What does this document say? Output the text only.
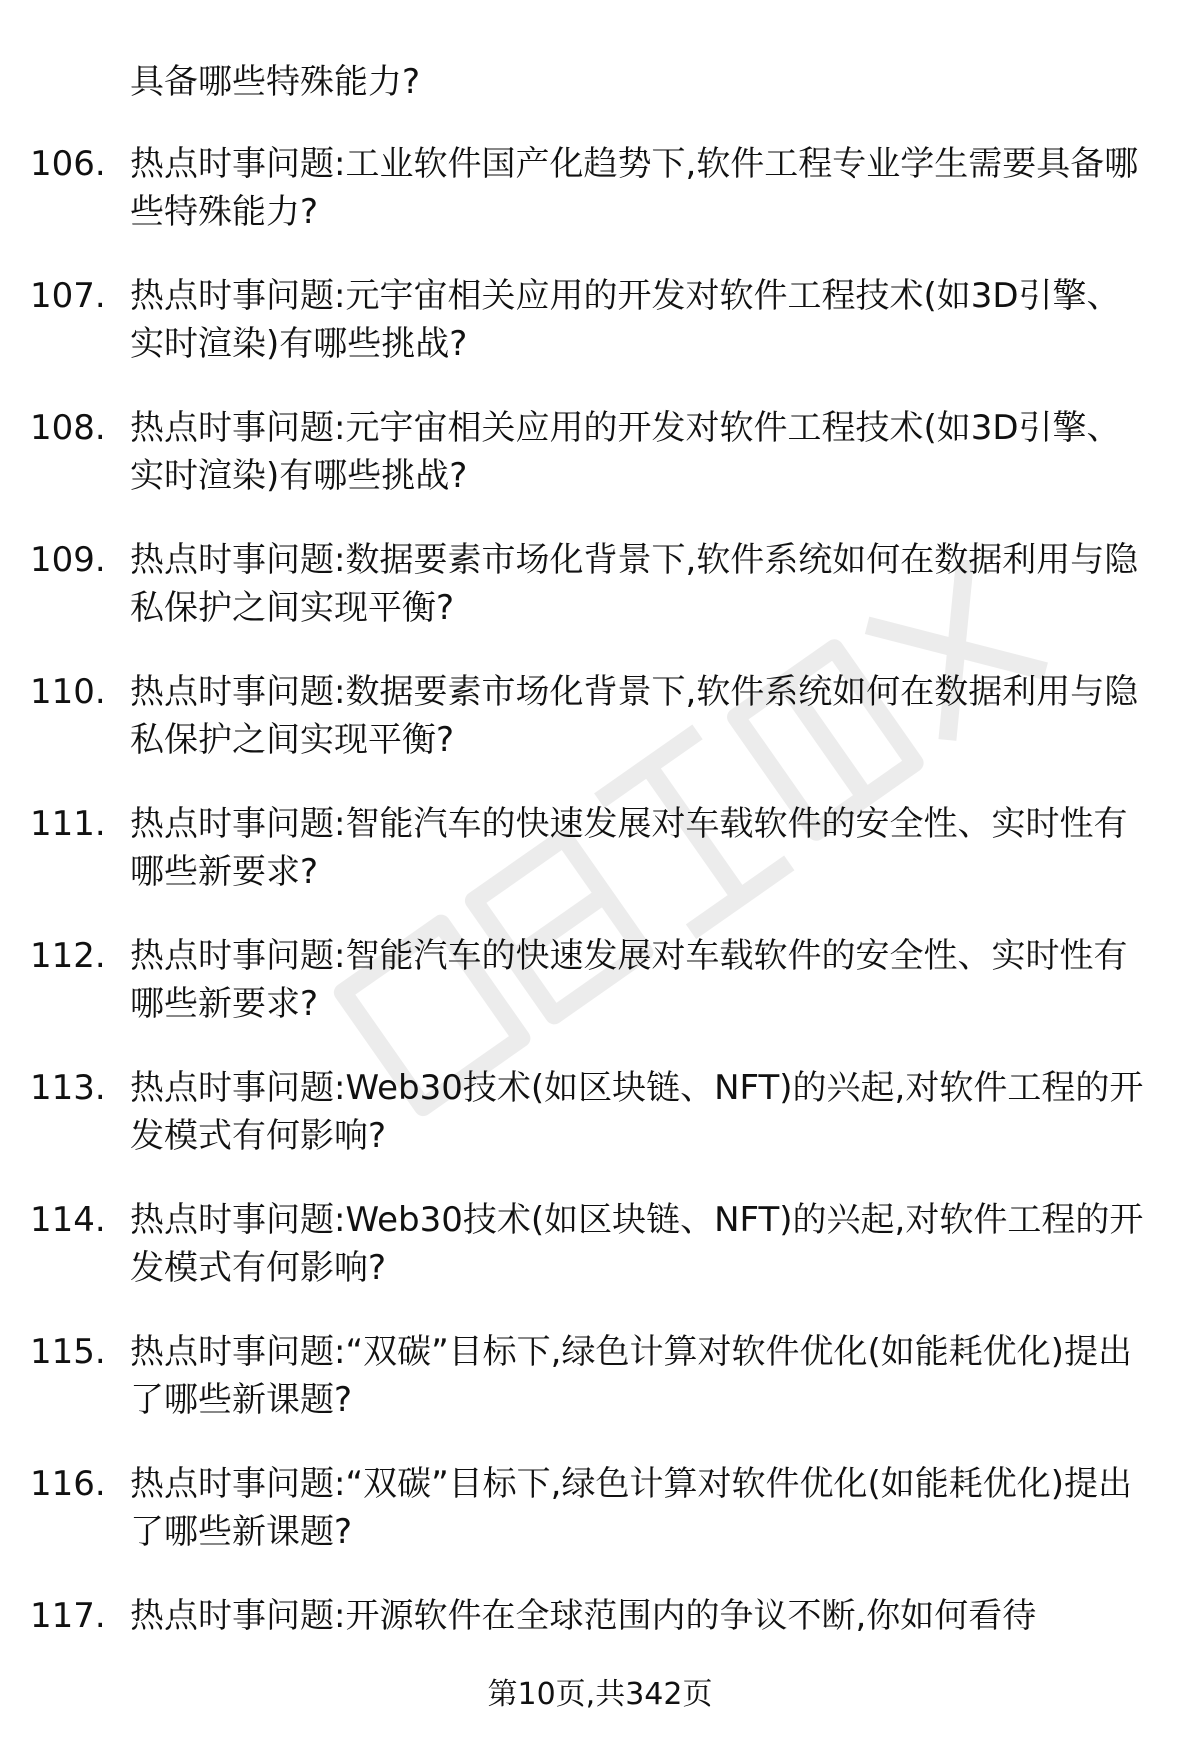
具备哪些特殊能力?

106. 热点时事问题:工业软件国产化趋势下,软件工程专业学生需要具备哪些特殊能力?

107. 热点时事问题:元宇宙相关应用的开发对软件工程技术(如3D引擎、实时渲染)有哪些挑战?

108. 热点时事问题:元宇宙相关应用的开发对软件工程技术(如3D引擎、实时渲染)有哪些挑战?

109. 热点时事问题:数据要素市场化背景下,软件系统如何在数据利用与隐私保护之间实现平衡?

110. 热点时事问题:数据要素市场化背景下,软件系统如何在数据利用与隐私保护之间实现平衡?

111. 热点时事问题:智能汽车的快速发展对车载软件的安全性、实时性有哪些新要求?

112. 热点时事问题:智能汽车的快速发展对车载软件的安全性、实时性有哪些新要求?

113. 热点时事问题:Web30技术(如区块链、NFT)的兴起,对软件工程的开发模式有何影响?

114. 热点时事问题:Web30技术(如区块链、NFT)的兴起,对软件工程的开发模式有何影响?

115. 热点时事问题:“双碳”目标下,绿色计算对软件优化(如能耗优化)提出了哪些新课题?

116. 热点时事问题:“双碳”目标下,绿色计算对软件优化(如能耗优化)提出了哪些新课题?

117. 热点时事问题:开源软件在全球范围内的争议不断,你如何看待

第10页,共342页
